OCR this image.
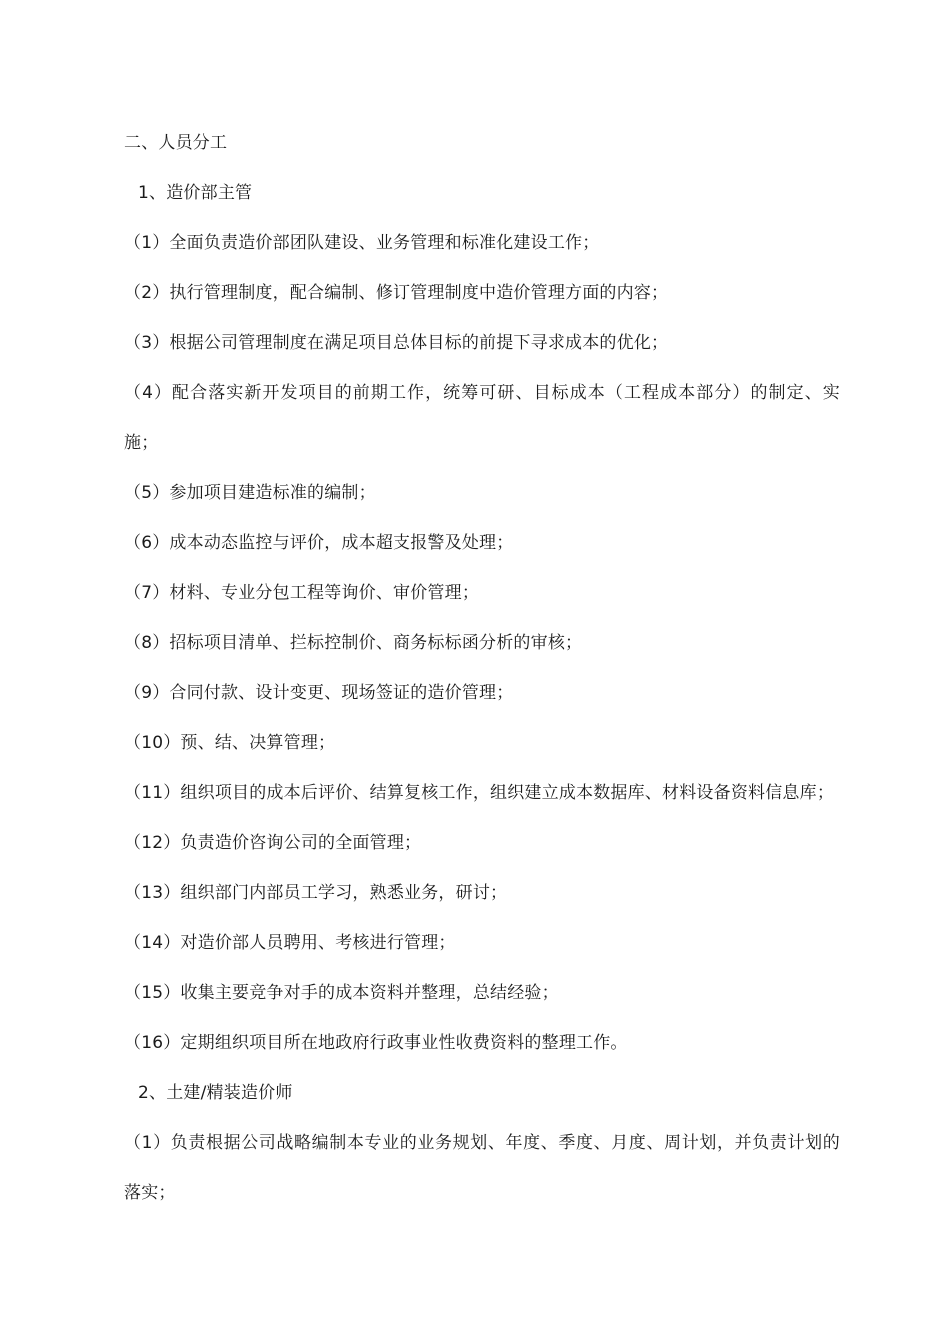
二、人员分工
1、造价部主管
（1）全面负责造价部团队建设、业务管理和标准化建设工作；
（2）执行管理制度，配合编制、修订管理制度中造价管理方面的内容；
（3）根据公司管理制度在满足项目总体目标的前提下寻求成本的优化；
（4）配合落实新开发项目的前期工作，统筹可研、目标成本（工程成本部分）的制定、实施；
（5）参加项目建造标准的编制；
（6）成本动态监控与评价，成本超支报警及处理；
（7）材料、专业分包工程等询价、审价管理；
（8）招标项目清单、拦标控制价、商务标标函分析的审核；
（9）合同付款、设计变更、现场签证的造价管理；
（10）预、结、决算管理；
（11）组织项目的成本后评价、结算复核工作，组织建立成本数据库、材料设备资料信息库；
（12）负责造价咨询公司的全面管理；
（13）组织部门内部员工学习，熟悉业务，研讨；
（14）对造价部人员聘用、考核进行管理；
（15）收集主要竞争对手的成本资料并整理，总结经验；
（16）定期组织项目所在地政府行政事业性收费资料的整理工作。
2、土建/精装造价师
（1）负责根据公司战略编制本专业的业务规划、年度、季度、月度、周计划，并负责计划的落实；
